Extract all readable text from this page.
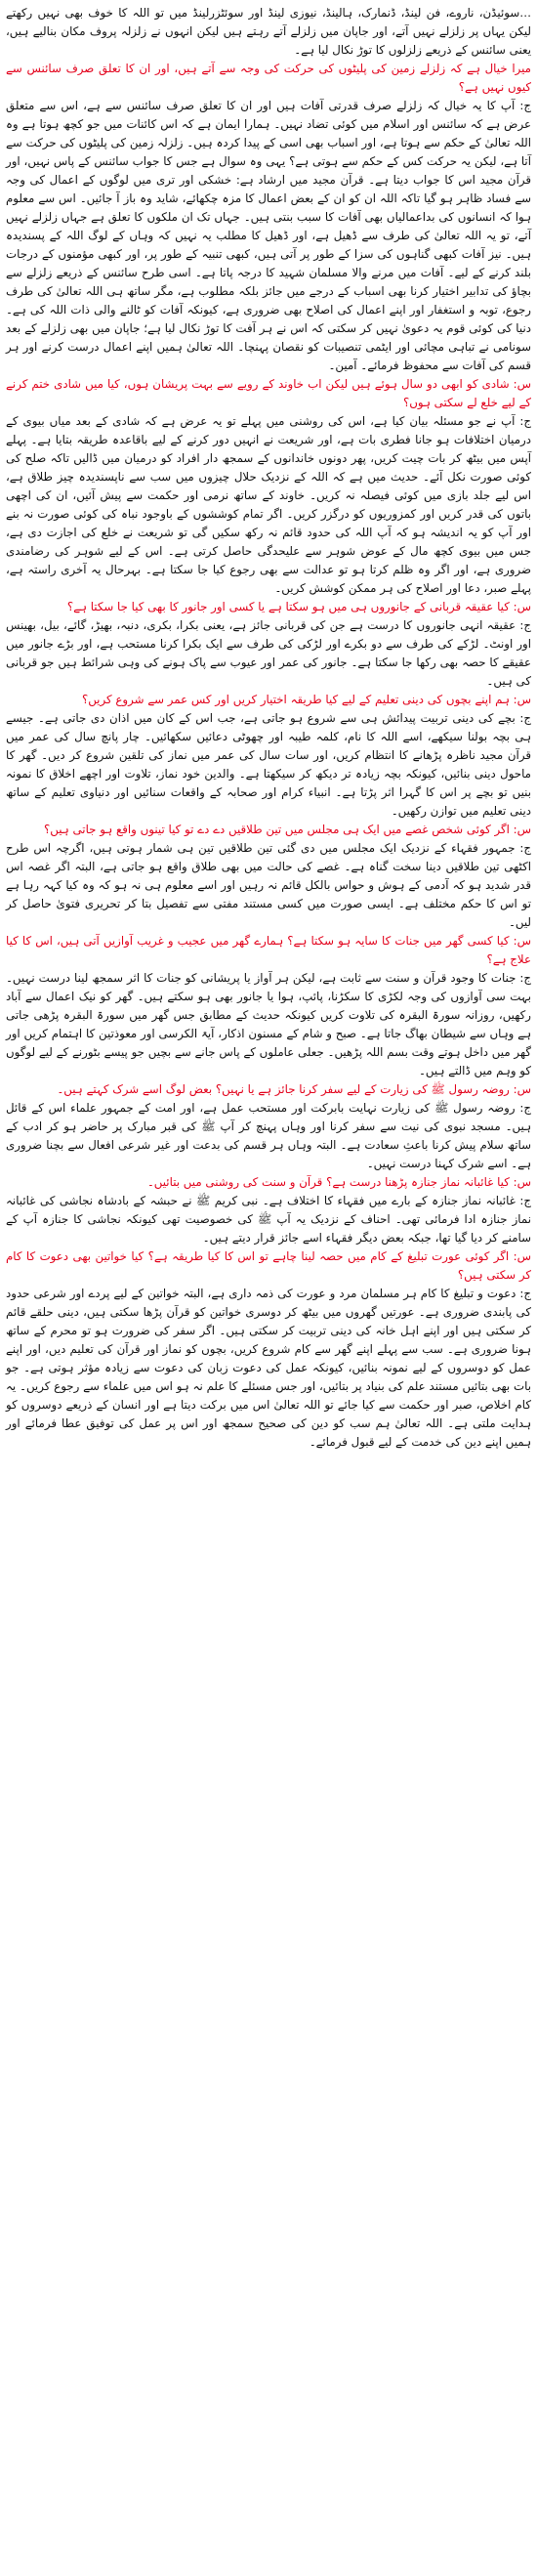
…سوئیڈن، ناروے، فن لینڈ، ڈنمارک، ہالینڈ، نیوزی لینڈ اور سوئٹزرلینڈ میں تو اللہ کا خوف بھی نہیں رکھتے لیکن یہاں پر زلزلے نہیں آتے، اور جاپان میں زلزلے آتے رہتے ہیں لیکن انہوں نے زلزلہ پروف مکان بنالیے ہیں، یعنی سائنس کے ذریعے زلزلوں کا توڑ نکال لیا ہے۔

میرا خیال ہے کہ زلزلے زمین کی پلیٹوں کی حرکت کی وجہ سے آتے ہیں، اور ان کا تعلق صرف سائنس سے کیوں نہیں ہے؟

ج: آپ کا یہ خیال کہ زلزلے صرف قدرتی آفات ہیں اور ان کا تعلق صرف سائنس سے ہے، اس سے متعلق عرض ہے کہ سائنس اور اسلام میں کوئی تضاد نہیں۔ ہمارا ایمان ہے کہ اس کائنات میں جو کچھ ہوتا ہے وہ اللہ تعالیٰ کے حکم سے ہوتا ہے، اور اسباب بھی اسی کے پیدا کردہ ہیں۔ زلزلہ زمین کی پلیٹوں کی حرکت سے آتا ہے، لیکن یہ حرکت کس کے حکم سے ہوتی ہے؟ یہی وہ سوال ہے جس کا جواب سائنس کے پاس نہیں، اور قرآن مجید اس کا جواب دیتا ہے۔ قرآن مجید میں ارشاد ہے: خشکی اور تری میں لوگوں کے اعمال کی وجہ سے فساد ظاہر ہو گیا تاکہ اللہ ان کو ان کے بعض اعمال کا مزہ چکھائے، شاید وہ باز آ جائیں۔ اس سے معلوم ہوا کہ انسانوں کی بداعمالیاں بھی آفات کا سبب بنتی ہیں۔ جہاں تک ان ملکوں کا تعلق ہے جہاں زلزلے نہیں آتے، تو یہ اللہ تعالیٰ کی طرف سے ڈھیل ہے، اور ڈھیل کا مطلب یہ نہیں کہ وہاں کے لوگ اللہ کے پسندیدہ ہیں۔ نیز آفات کبھی گناہوں کی سزا کے طور پر آتی ہیں، کبھی تنبیہ کے طور پر، اور کبھی مؤمنوں کے درجات بلند کرنے کے لیے۔ آفات میں مرنے والا مسلمان شہید کا درجہ پاتا ہے۔ اسی طرح سائنس کے ذریعے زلزلے سے بچاؤ کی تدابیر اختیار کرنا بھی اسباب کے درجے میں جائز بلکہ مطلوب ہے، مگر ساتھ ہی اللہ تعالیٰ کی طرف رجوع، توبہ و استغفار اور اپنے اعمال کی اصلاح بھی ضروری ہے، کیونکہ آفات کو ٹالنے والی ذات اللہ کی ہے۔ دنیا کی کوئی قوم یہ دعویٰ نہیں کر سکتی کہ اس نے ہر آفت کا توڑ نکال لیا ہے؛ جاپان میں بھی زلزلے کے بعد سونامی نے تباہی مچائی اور ایٹمی تنصیبات کو نقصان پہنچا۔ اللہ تعالیٰ ہمیں اپنے اعمال درست کرنے اور ہر قسم کی آفات سے محفوظ فرمائے۔ آمین۔

س: شادی کو ابھی دو سال ہوئے ہیں لیکن اب خاوند کے رویے سے بہت پریشان ہوں، کیا میں شادی ختم کرنے کے لیے خلع لے سکتی ہوں؟

ج: آپ نے جو مسئلہ بیان کیا ہے، اس کی روشنی میں پہلے تو یہ عرض ہے کہ شادی کے بعد میاں بیوی کے درمیان اختلافات ہو جانا فطری بات ہے، اور شریعت نے انہیں دور کرنے کے لیے باقاعدہ طریقہ بتایا ہے۔ پہلے آپس میں بیٹھ کر بات چیت کریں، پھر دونوں خاندانوں کے سمجھ دار افراد کو درمیان میں ڈالیں تاکہ صلح کی کوئی صورت نکل آئے۔ حدیث میں ہے کہ اللہ کے نزدیک حلال چیزوں میں سب سے ناپسندیدہ چیز طلاق ہے، اس لیے جلد بازی میں کوئی فیصلہ نہ کریں۔ خاوند کے ساتھ نرمی اور حکمت سے پیش آئیں، ان کی اچھی باتوں کی قدر کریں اور کمزوریوں کو درگزر کریں۔ اگر تمام کوششوں کے باوجود نباہ کی کوئی صورت نہ بنے اور آپ کو یہ اندیشہ ہو کہ آپ اللہ کی حدود قائم نہ رکھ سکیں گی تو شریعت نے خلع کی اجازت دی ہے، جس میں بیوی کچھ مال کے عوض شوہر سے علیحدگی حاصل کرتی ہے۔ اس کے لیے شوہر کی رضامندی ضروری ہے، اور اگر وہ ظلم کرتا ہو تو عدالت سے بھی رجوع کیا جا سکتا ہے۔ بہرحال یہ آخری راستہ ہے، پہلے صبر، دعا اور اصلاح کی ہر ممکن کوشش کریں۔

س: کیا عقیقہ قربانی کے جانوروں ہی میں ہو سکتا ہے یا کسی اور جانور کا بھی کیا جا سکتا ہے؟

ج: عقیقہ انہی جانوروں کا درست ہے جن کی قربانی جائز ہے، یعنی بکرا، بکری، دنبہ، بھیڑ، گائے، بیل، بھینس اور اونٹ۔ لڑکے کی طرف سے دو بکرے اور لڑکی کی طرف سے ایک بکرا کرنا مستحب ہے، اور بڑے جانور میں عقیقے کا حصہ بھی رکھا جا سکتا ہے۔ جانور کی عمر اور عیوب سے پاک ہونے کی وہی شرائط ہیں جو قربانی کی ہیں۔

س: ہم اپنے بچوں کی دینی تعلیم کے لیے کیا طریقہ اختیار کریں اور کس عمر سے شروع کریں؟

ج: بچے کی دینی تربیت پیدائش ہی سے شروع ہو جاتی ہے، جب اس کے کان میں اذان دی جاتی ہے۔ جیسے ہی بچہ بولنا سیکھے، اسے اللہ کا نام، کلمہ طیبہ اور چھوٹی دعائیں سکھائیں۔ چار پانچ سال کی عمر میں قرآن مجید ناظرہ پڑھانے کا انتظام کریں، اور سات سال کی عمر میں نماز کی تلقین شروع کر دیں۔ گھر کا ماحول دینی بنائیں، کیونکہ بچہ زیادہ تر دیکھ کر سیکھتا ہے۔ والدین خود نماز، تلاوت اور اچھے اخلاق کا نمونہ بنیں تو بچے پر اس کا گہرا اثر پڑتا ہے۔ انبیاء کرام اور صحابہ کے واقعات سنائیں اور دنیاوی تعلیم کے ساتھ دینی تعلیم میں توازن رکھیں۔

س: اگر کوئی شخص غصے میں ایک ہی مجلس میں تین طلاقیں دے دے تو کیا تینوں واقع ہو جاتی ہیں؟

ج: جمہور فقہاء کے نزدیک ایک مجلس میں دی گئی تین طلاقیں تین ہی شمار ہوتی ہیں، اگرچہ اس طرح اکٹھی تین طلاقیں دینا سخت گناہ ہے۔ غصے کی حالت میں بھی طلاق واقع ہو جاتی ہے، البتہ اگر غصہ اس قدر شدید ہو کہ آدمی کے ہوش و حواس بالکل قائم نہ رہیں اور اسے معلوم ہی نہ ہو کہ وہ کیا کہہ رہا ہے تو اس کا حکم مختلف ہے۔ ایسی صورت میں کسی مستند مفتی سے تفصیل بتا کر تحریری فتویٰ حاصل کر لیں۔

س: کیا کسی گھر میں جنات کا سایہ ہو سکتا ہے؟ ہمارے گھر میں عجیب و غریب آوازیں آتی ہیں، اس کا کیا علاج ہے؟

ج: جنات کا وجود قرآن و سنت سے ثابت ہے، لیکن ہر آواز یا پریشانی کو جنات کا اثر سمجھ لینا درست نہیں۔ بہت سی آوازوں کی وجہ لکڑی کا سکڑنا، پائپ، ہوا یا جانور بھی ہو سکتے ہیں۔ گھر کو نیک اعمال سے آباد رکھیں، روزانہ سورۃ البقرہ کی تلاوت کریں کیونکہ حدیث کے مطابق جس گھر میں سورۃ البقرہ پڑھی جاتی ہے وہاں سے شیطان بھاگ جاتا ہے۔ صبح و شام کے مسنون اذکار، آیۃ الکرسی اور معوذتین کا اہتمام کریں اور گھر میں داخل ہوتے وقت بسم اللہ پڑھیں۔ جعلی عاملوں کے پاس جانے سے بچیں جو پیسے بٹورنے کے لیے لوگوں کو وہم میں ڈالتے ہیں۔

س: روضہ رسول ﷺ کی زیارت کے لیے سفر کرنا جائز ہے یا نہیں؟ بعض لوگ اسے شرک کہتے ہیں۔

ج: روضہ رسول ﷺ کی زیارت نہایت بابرکت اور مستحب عمل ہے، اور امت کے جمہور علماء اس کے قائل ہیں۔ مسجد نبوی کی نیت سے سفر کرنا اور وہاں پہنچ کر آپ ﷺ کی قبر مبارک پر حاضر ہو کر ادب کے ساتھ سلام پیش کرنا باعثِ سعادت ہے۔ البتہ وہاں ہر قسم کی بدعت اور غیر شرعی افعال سے بچنا ضروری ہے۔ اسے شرک کہنا درست نہیں۔

س: کیا غائبانہ نماز جنازہ پڑھنا درست ہے؟ قرآن و سنت کی روشنی میں بتائیں۔

ج: غائبانہ نماز جنازہ کے بارے میں فقہاء کا اختلاف ہے۔ نبی کریم ﷺ نے حبشہ کے بادشاہ نجاشی کی غائبانہ نماز جنازہ ادا فرمائی تھی۔ احناف کے نزدیک یہ آپ ﷺ کی خصوصیت تھی کیونکہ نجاشی کا جنازہ آپ کے سامنے کر دیا گیا تھا، جبکہ بعض دیگر فقہاء اسے جائز قرار دیتے ہیں۔

س: اگر کوئی عورت تبلیغ کے کام میں حصہ لینا چاہے تو اس کا کیا طریقہ ہے؟ کیا خواتین بھی دعوت کا کام کر سکتی ہیں؟

ج: دعوت و تبلیغ کا کام ہر مسلمان مرد و عورت کی ذمہ داری ہے، البتہ خواتین کے لیے پردے اور شرعی حدود کی پابندی ضروری ہے۔ عورتیں گھروں میں بیٹھ کر دوسری خواتین کو قرآن پڑھا سکتی ہیں، دینی حلقے قائم کر سکتی ہیں اور اپنے اہل خانہ کی دینی تربیت کر سکتی ہیں۔ اگر سفر کی ضرورت ہو تو محرم کے ساتھ ہونا ضروری ہے۔ سب سے پہلے اپنے گھر سے کام شروع کریں، بچوں کو نماز اور قرآن کی تعلیم دیں، اور اپنے عمل کو دوسروں کے لیے نمونہ بنائیں، کیونکہ عمل کی دعوت زبان کی دعوت سے زیادہ مؤثر ہوتی ہے۔ جو بات بھی بتائیں مستند علم کی بنیاد پر بتائیں، اور جس مسئلے کا علم نہ ہو اس میں علماء سے رجوع کریں۔ یہ کام اخلاص، صبر اور حکمت سے کیا جائے تو اللہ تعالیٰ اس میں برکت دیتا ہے اور انسان کے ذریعے دوسروں کو ہدایت ملتی ہے۔ اللہ تعالیٰ ہم سب کو دین کی صحیح سمجھ اور اس پر عمل کی توفیق عطا فرمائے اور ہمیں اپنے دین کی خدمت کے لیے قبول فرمائے۔
